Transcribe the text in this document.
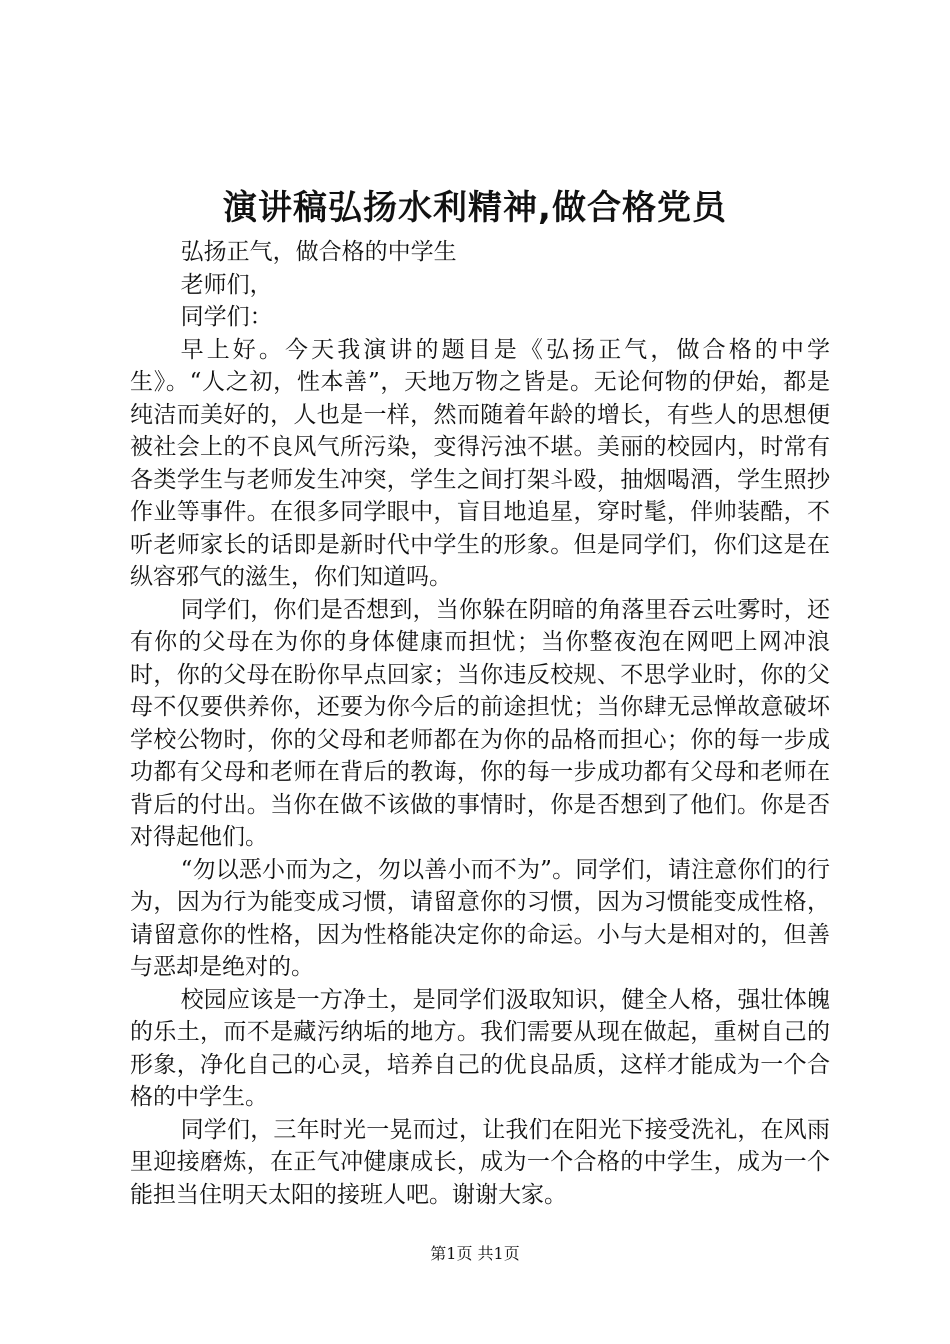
演讲稿弘扬水利精神,做合格党员

弘扬正气，做合格的中学生

老师们，

同学们：

早上好。今天我演讲的题目是《弘扬正气，做合格的中学生》。“人之初，性本善”，天地万物之皆是。无论何物的伊始，都是纯洁而美好的，人也是一样，然而随着年龄的增长，有些人的思想便被社会上的不良风气所污染，变得污浊不堪。美丽的校园内，时常有各类学生与老师发生冲突，学生之间打架斗殴，抽烟喝酒，学生照抄作业等事件。在很多同学眼中，盲目地追星，穿时髦，伴帅装酷，不听老师家长的话即是新时代中学生的形象。但是同学们，你们这是在纵容邪气的滋生，你们知道吗。

同学们，你们是否想到，当你躲在阴暗的角落里吞云吐雾时，还有你的父母在为你的身体健康而担忧；当你整夜泡在网吧上网冲浪时，你的父母在盼你早点回家；当你违反校规、不思学业时，你的父母不仅要供养你，还要为你今后的前途担忧；当你肆无忌惮故意破坏学校公物时，你的父母和老师都在为你的品格而担心；你的每一步成功都有父母和老师在背后的教诲，你的每一步成功都有父母和老师在背后的付出。当你在做不该做的事情时，你是否想到了他们。你是否对得起他们。

“勿以恶小而为之，勿以善小而不为”。同学们，请注意你们的行为，因为行为能变成习惯，请留意你的习惯，因为习惯能变成性格，请留意你的性格，因为性格能决定你的命运。小与大是相对的，但善与恶却是绝对的。

校园应该是一方净土，是同学们汲取知识，健全人格，强壮体魄的乐土，而不是藏污纳垢的地方。我们需要从现在做起，重树自己的形象，净化自己的心灵，培养自己的优良品质，这样才能成为一个合格的中学生。

同学们，三年时光一晃而过，让我们在阳光下接受洗礼，在风雨里迎接磨炼，在正气冲健康成长，成为一个合格的中学生，成为一个能担当住明天太阳的接班人吧。谢谢大家。

第1页 共1页
